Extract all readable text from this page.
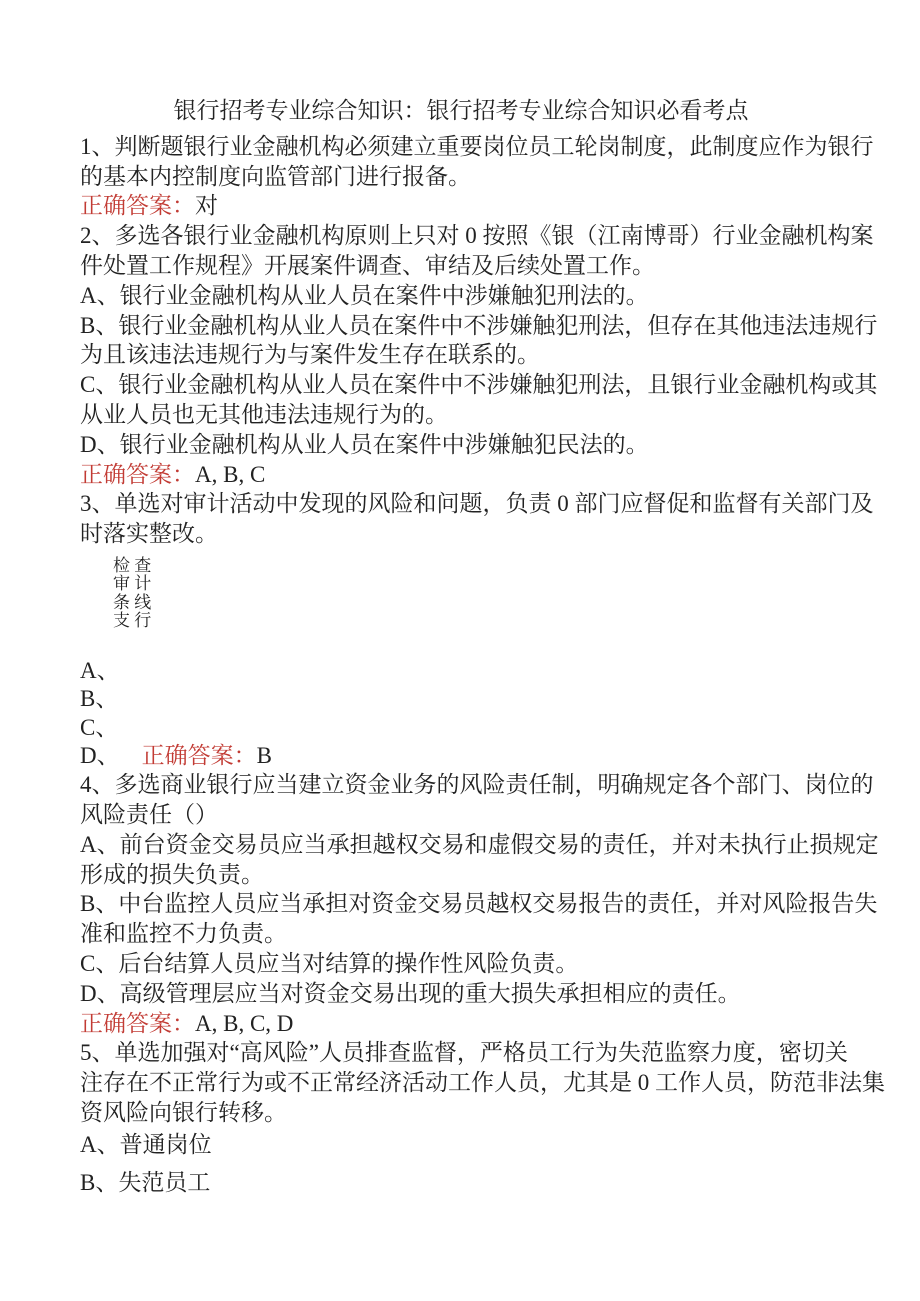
银行招考专业综合知识：银行招考专业综合知识必看考点
1、判断题银行业金融机构必须建立重要岗位员工轮岗制度，此制度应作为银行
的基本内控制度向监管部门进行报备。
正确答案：对
2、多选各银行业金融机构原则上只对 0 按照《银（江南博哥）行业金融机构案
件处置工作规程》开展案件调查、审结及后续处置工作。
A、银行业金融机构从业人员在案件中涉嫌触犯刑法的。
B、银行业金融机构从业人员在案件中不涉嫌触犯刑法，但存在其他违法违规行
为且该违法违规行为与案件发生存在联系的。
C、银行业金融机构从业人员在案件中不涉嫌触犯刑法，且银行业金融机构或其
从业人员也无其他违法违规行为的。
D、银行业金融机构从业人员在案件中涉嫌触犯民法的。
正确答案：A, B, C
3、单选对审计活动中发现的风险和问题，负责 0 部门应督促和监督有关部门及
时落实整改。
检 查
审 计
条 线
支 行
A、
B、
C、
D、 正确答案：B
4、多选商业银行应当建立资金业务的风险责任制，明确规定各个部门、岗位的
风险责任（）
A、前台资金交易员应当承担越权交易和虚假交易的责任，并对未执行止损规定
形成的损失负责。
B、中台监控人员应当承担对资金交易员越权交易报告的责任，并对风险报告失
准和监控不力负责。
C、后台结算人员应当对结算的操作性风险负责。
D、高级管理层应当对资金交易出现的重大损失承担相应的责任。
正确答案：A, B, C, D
5、单选加强对“高风险”人员排查监督，严格员工行为失范监察力度，密切关
注存在不正常行为或不正常经济活动工作人员，尤其是 0 工作人员，防范非法集
资风险向银行转移。
A、普通岗位
B、失范员工
